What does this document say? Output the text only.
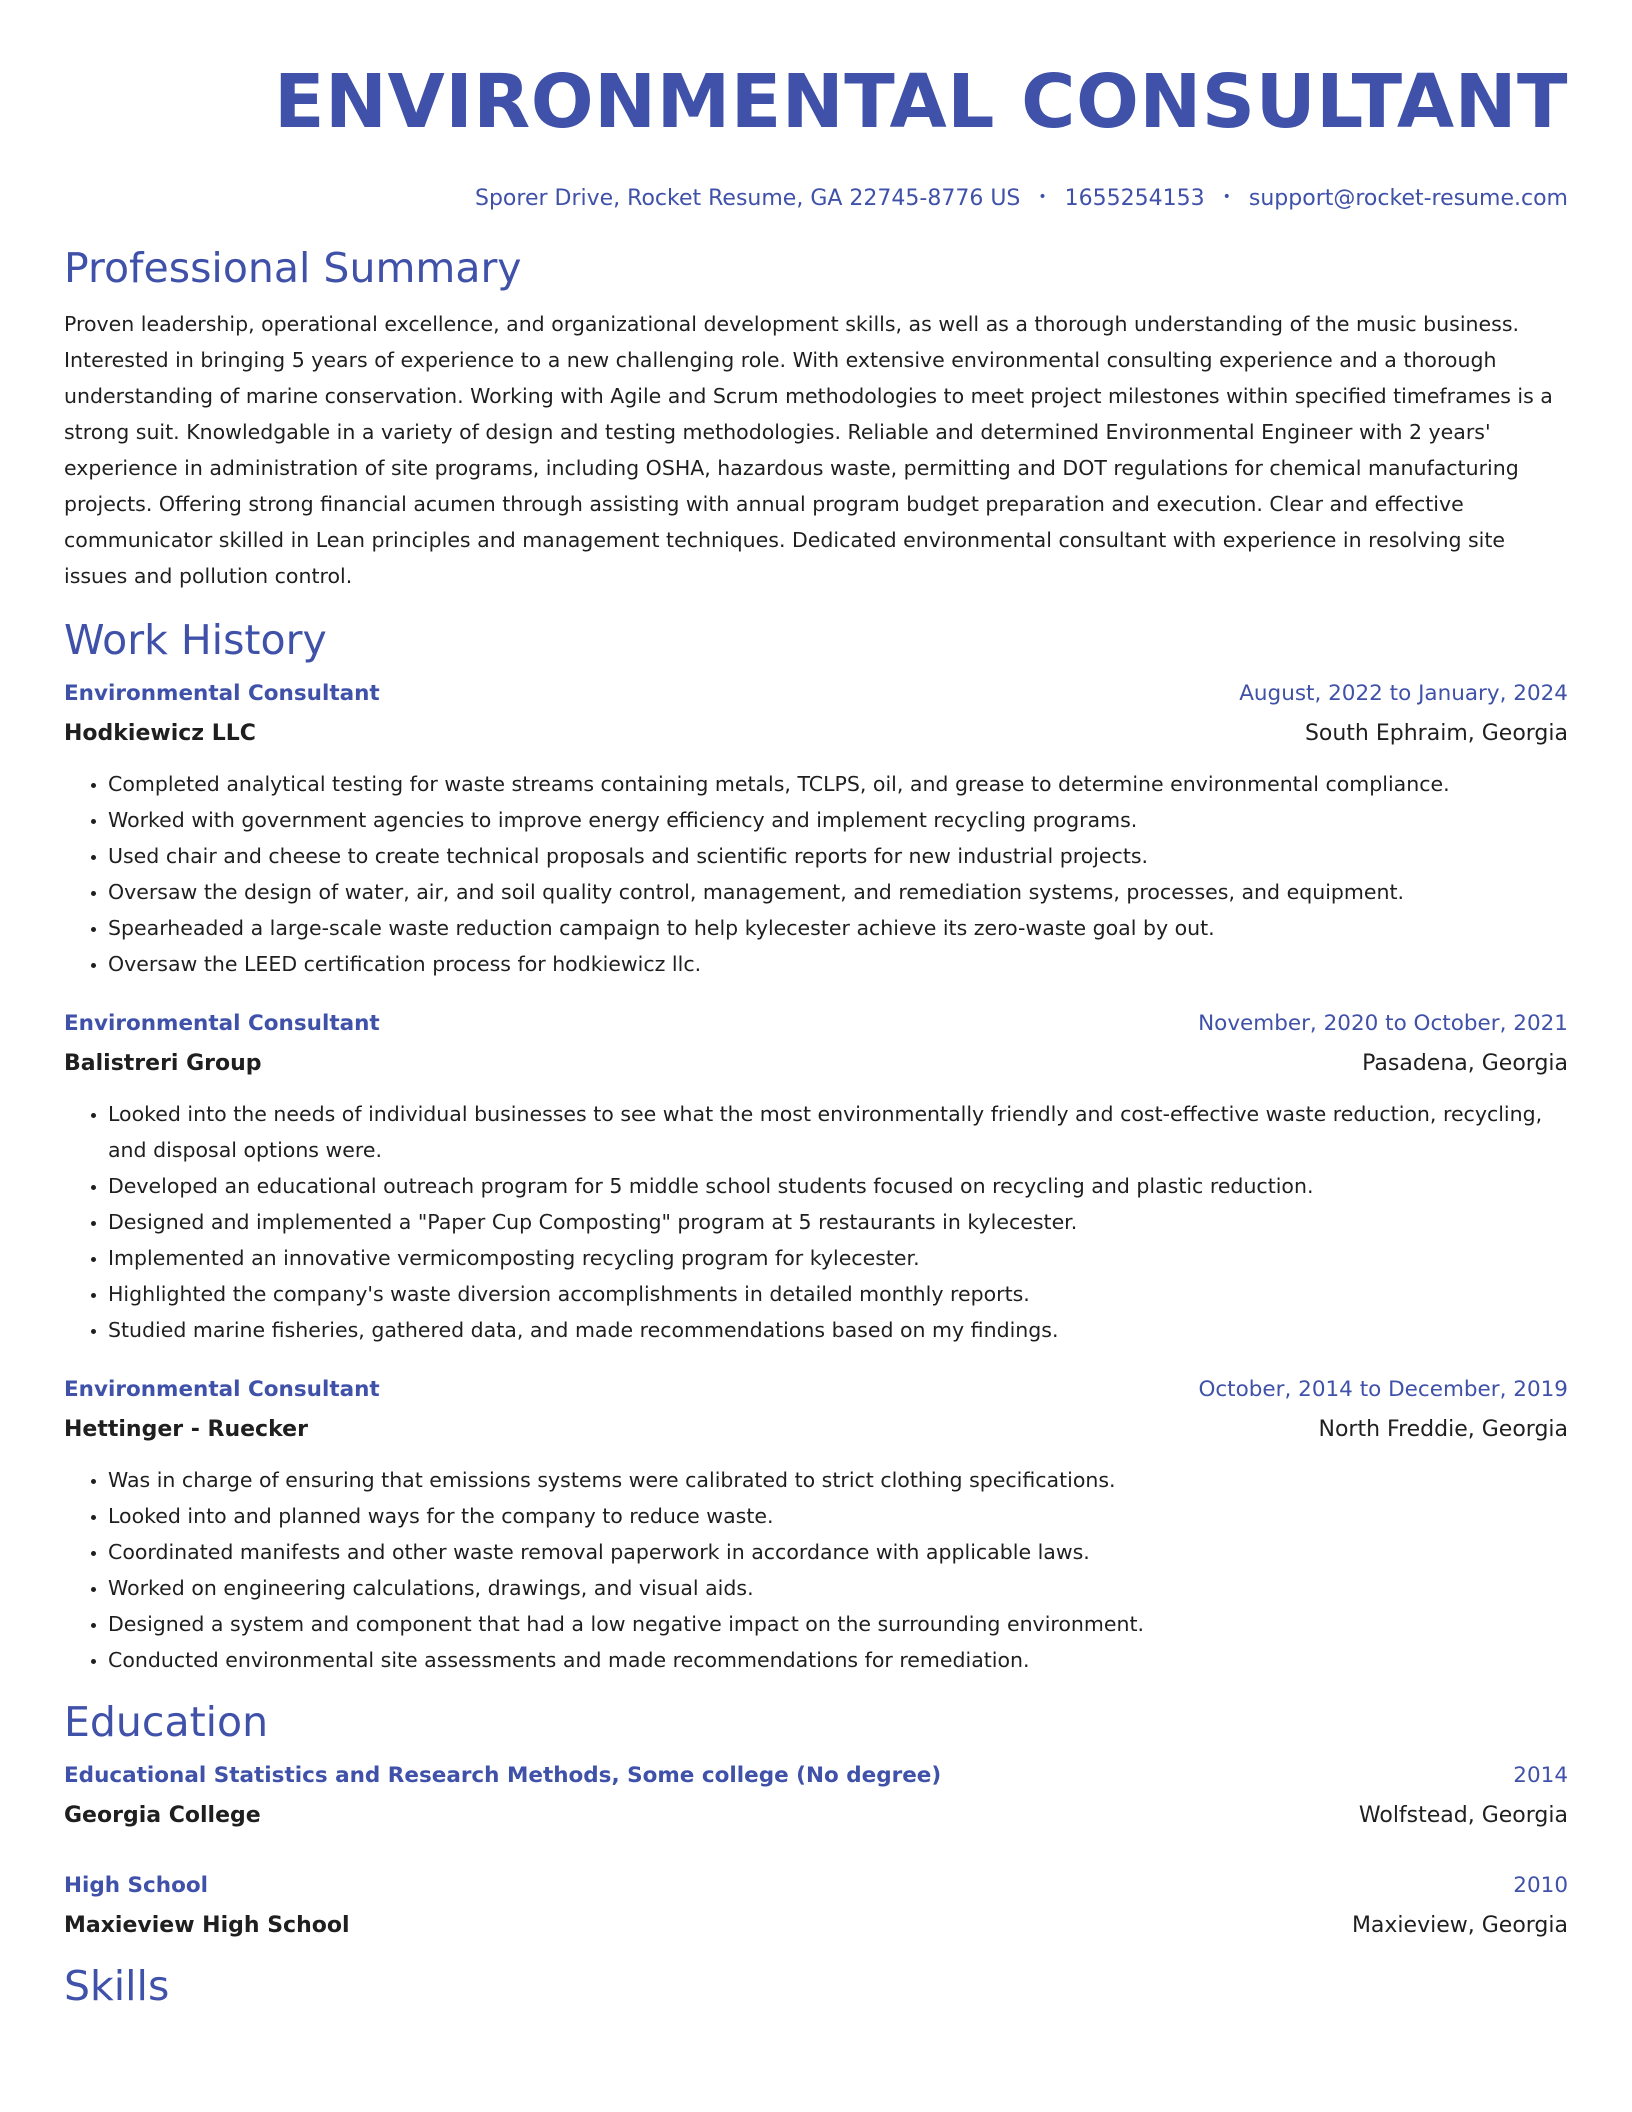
ENVIRONMENTAL CONSULTANT
Sporer Drive, Rocket Resume, GA 22745-8776 US • 1655254153 • support@rocket-resume.com
Professional Summary

Proven leadership, operational excellence, and organizational development skills, as well as a thorough understanding of the music business. Interested in bringing 5 years of experience to a new challenging role. With extensive environmental consulting experience and a thorough understanding of marine conservation. Working with Agile and Scrum methodologies to meet project milestones within specified timeframes is a strong suit. Knowledgable in a variety of design and testing methodologies. Reliable and determined Environmental Engineer with 2 years' experience in administration of site programs, including OSHA, hazardous waste, permitting and DOT regulations for chemical manufacturing projects. Offering strong financial acumen through assisting with annual program budget preparation and execution. Clear and effective communicator skilled in Lean principles and management techniques. Dedicated environmental consultant with experience in resolving site issues and pollution control.

Work History
Environmental Consultant	August, 2022 to January, 2024
Hodkiewicz LLC	South Ephraim, Georgia
• Completed analytical testing for waste streams containing metals, TCLPS, oil, and grease to determine environmental compliance.
• Worked with government agencies to improve energy efficiency and implement recycling programs.
• Used chair and cheese to create technical proposals and scientific reports for new industrial projects.
• Oversaw the design of water, air, and soil quality control, management, and remediation systems, processes, and equipment.
• Spearheaded a large-scale waste reduction campaign to help kylecester achieve its zero-waste goal by out.
• Oversaw the LEED certification process for hodkiewicz llc.
Environmental Consultant	November, 2020 to October, 2021
Balistreri Group	Pasadena, Georgia
• Looked into the needs of individual businesses to see what the most environmentally friendly and cost-effective waste reduction, recycling, and disposal options were.
• Developed an educational outreach program for 5 middle school students focused on recycling and plastic reduction.
• Designed and implemented a "Paper Cup Composting" program at 5 restaurants in kylecester.
• Implemented an innovative vermicomposting recycling program for kylecester.
• Highlighted the company's waste diversion accomplishments in detailed monthly reports.
• Studied marine fisheries, gathered data, and made recommendations based on my findings.
Environmental Consultant	October, 2014 to December, 2019
Hettinger - Ruecker	North Freddie, Georgia
• Was in charge of ensuring that emissions systems were calibrated to strict clothing specifications.
• Looked into and planned ways for the company to reduce waste.
• Coordinated manifests and other waste removal paperwork in accordance with applicable laws.
• Worked on engineering calculations, drawings, and visual aids.
• Designed a system and component that had a low negative impact on the surrounding environment.
• Conducted environmental site assessments and made recommendations for remediation.
Education
Educational Statistics and Research Methods, Some college (No degree)	2014
Georgia College	Wolfstead, Georgia
High School	2010
Maxieview High School	Maxieview, Georgia
Skills
